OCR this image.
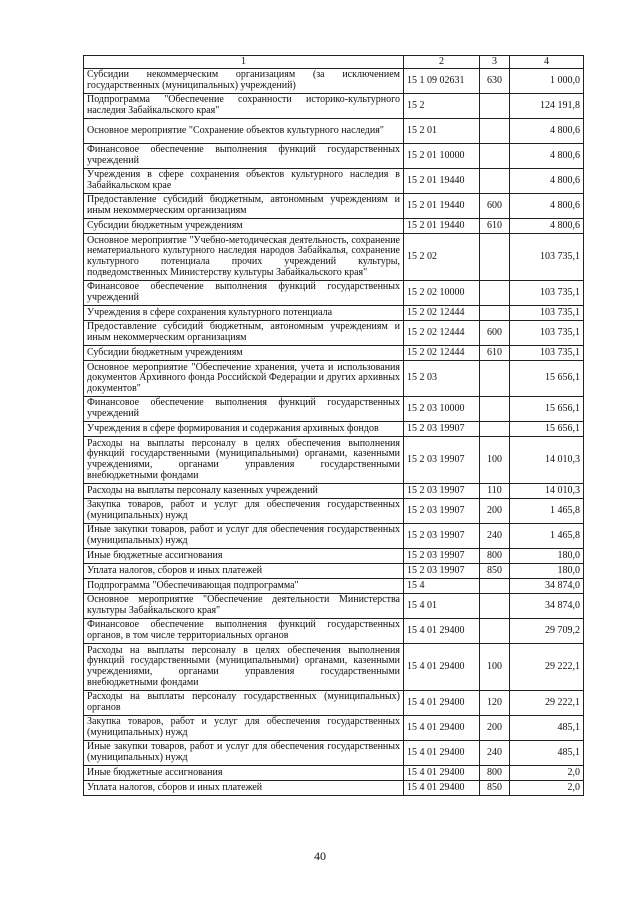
1	2	3	4
Субсидии некоммерческим организациям (за исключением государственных (муниципальных) учреждений)	15 1 09 02631	630	1 000,0
Подпрограмма "Обеспечение сохранности историко-культурного наследия Забайкальского края"	15 2		124 191,8
Основное мероприятие "Сохранение объектов культурного наследия"	15 2 01		4 800,6
Финансовое обеспечение выполнения функций государственных учреждений	15 2 01 10000		4 800,6
Учреждения в сфере сохранения объектов культурного наследия в Забайкальском крае	15 2 01 19440		4 800,6
Предоставление субсидий бюджетным, автономным учреждениям и иным некоммерческим организациям	15 2 01 19440	600	4 800,6
Субсидии бюджетным учреждениям	15 2 01 19440	610	4 800,6
Основное мероприятие "Учебно-методическая деятельность, сохранение нематериального культурного наследия народов Забайкалья, сохранение культурного потенциала прочих учреждений культуры, подведомственных Министерству культуры Забайкальского края"	15 2 02		103 735,1
Финансовое обеспечение выполнения функций государственных учреждений	15 2 02 10000		103 735,1
Учреждения в сфере сохранения культурного потенциала	15 2 02 12444		103 735,1
Предоставление субсидий бюджетным, автономным учреждениям и иным некоммерческим организациям	15 2 02 12444	600	103 735,1
Субсидии бюджетным учреждениям	15 2 02 12444	610	103 735,1
Основное мероприятие "Обеспечение хранения, учета и использования документов Архивного фонда Российской Федерации и других архивных документов"	15 2 03		15 656,1
Финансовое обеспечение выполнения функций государственных учреждений	15 2 03 10000		15 656,1
Учреждения в сфере формирования и содержания архивных фондов	15 2 03 19907		15 656,1
Расходы на выплаты персоналу в целях обеспечения выполнения функций государственными (муниципальными) органами, казенными учреждениями, органами управления государственными внебюджетными фондами	15 2 03 19907	100	14 010,3
Расходы на выплаты персоналу казенных учреждений	15 2 03 19907	110	14 010,3
Закупка товаров, работ и услуг для обеспечения государственных (муниципальных) нужд	15 2 03 19907	200	1 465,8
Иные закупки товаров, работ и услуг для обеспечения государственных (муниципальных) нужд	15 2 03 19907	240	1 465,8
Иные бюджетные ассигнования	15 2 03 19907	800	180,0
Уплата налогов, сборов и иных платежей	15 2 03 19907	850	180,0
Подпрограмма "Обеспечивающая подпрограмма"	15 4		34 874,0
Основное мероприятие "Обеспечение деятельности Министерства культуры Забайкальского края"	15 4 01		34 874,0
Финансовое обеспечение выполнения функций государственных органов, в том числе территориальных органов	15 4 01 29400		29 709,2
Расходы на выплаты персоналу в целях обеспечения выполнения функций государственными (муниципальными) органами, казенными учреждениями, органами управления государственными внебюджетными фондами	15 4 01 29400	100	29 222,1
Расходы на выплаты персоналу государственных (муниципальных) органов	15 4 01 29400	120	29 222,1
Закупка товаров, работ и услуг для обеспечения государственных (муниципальных) нужд	15 4 01 29400	200	485,1
Иные закупки товаров, работ и услуг для обеспечения государственных (муниципальных) нужд	15 4 01 29400	240	485,1
Иные бюджетные ассигнования	15 4 01 29400	800	2,0
Уплата налогов, сборов и иных платежей	15 4 01 29400	850	2,0
40
